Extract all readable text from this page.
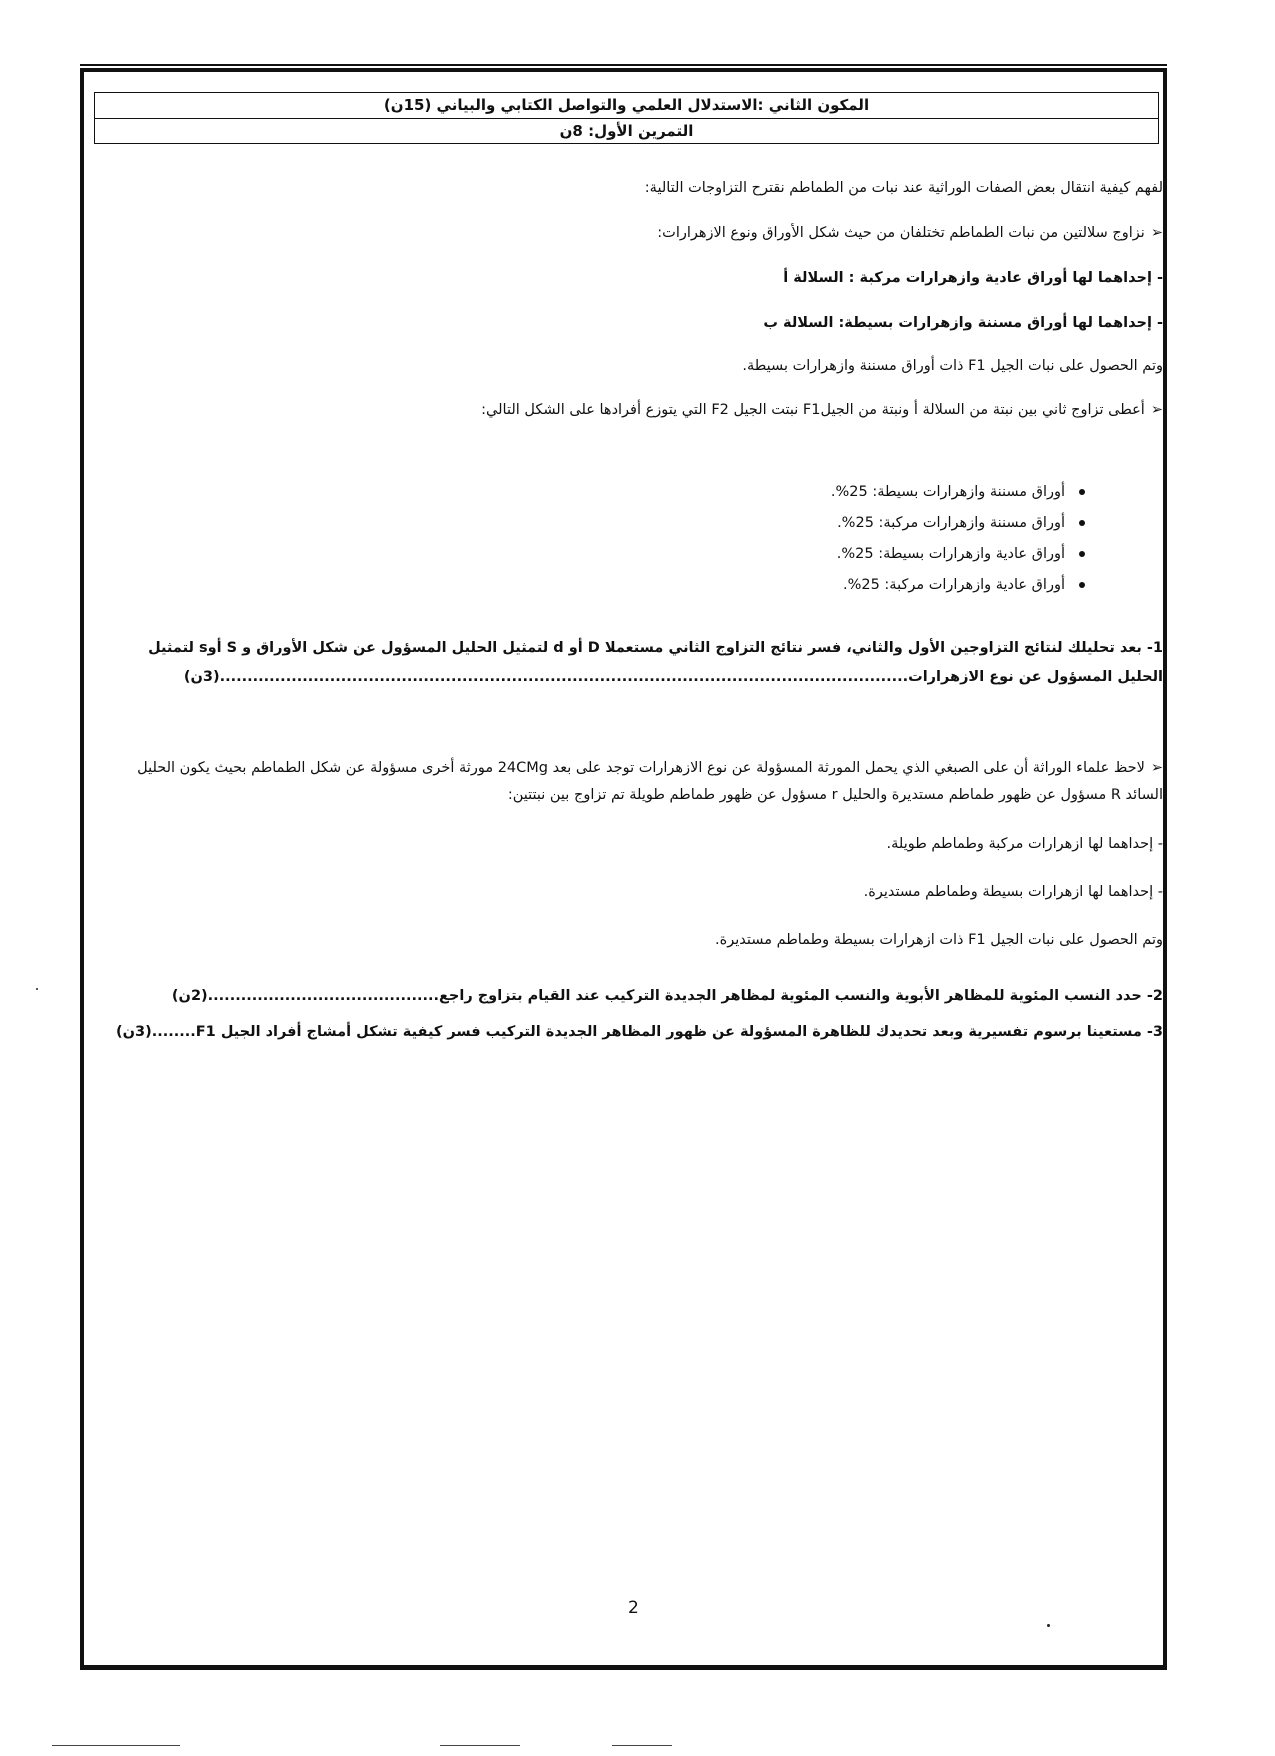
المكون الثاني :الاستدلال العلمي والتواصل الكتابي والبياني (15ن)
التمرين الأول: 8ن
لفهم كيفية انتقال بعض الصفات الوراثية عند نبات من الطماطم نقترح التزاوجات التالية:
➢نزاوج سلالتين من نبات الطماطم تختلفان من حيث شكل الأوراق ونوع الازهرارات:
- إحداهما لها أوراق عادية وازهرارات مركبة : السلالة أ
- إحداهما لها أوراق مسننة وازهرارات بسيطة: السلالة ب
وتم الحصول على نبات الجيل F1 ذات أوراق مسننة وازهرارات بسيطة.
➢أعطى تزاوج ثاني بين نبتة من السلالة أ ونبتة من الجيلF1 نبتت الجيل F2 التي يتوزع أفرادها على الشكل التالي:
أوراق مسننة وازهرارات بسيطة: 25%.
أوراق مسننة وازهرارات مركبة: 25%.
أوراق عادية وازهرارات بسيطة: 25%.
أوراق عادية وازهرارات مركبة: 25%.
1- بعد تحليلك لنتائج التزاوجين الأول والثاني، فسر نتائج التزاوج الثاني مستعملا D أو d لتمثيل الحليل المسؤول عن شكل الأوراق و S أوs لتمثيل الحليل المسؤول عن نوع الازهرارات.............................................................................................................................(3ن)
➢لاحظ علماء الوراثة أن على الصبغي الذي يحمل المورثة المسؤولة عن نوع الازهرارات توجد على بعد 24CMg مورثة أخرى مسؤولة عن شكل الطماطم بحيث يكون الحليل السائد R مسؤول عن ظهور طماطم مستديرة والحليل r مسؤول عن ظهور طماطم طويلة تم تزاوج بين نبتتين:
- إحداهما لها ازهرارات مركبة وطماطم طويلة.
- إحداهما لها ازهرارات بسيطة وطماطم مستديرة.
وتم الحصول على نبات الجيل F1 ذات ازهرارات بسيطة وطماطم مستديرة.
2- حدد النسب المئوية للمظاهر الأبوية والنسب المئوية لمظاهر الجديدة التركيب عند القيام بتزاوج راجع..........................................(2ن)
3- مستعينا برسوم تفسيرية وبعد تحديدك للظاهرة المسؤولة عن ظهور المظاهر الجديدة التركيب فسر كيفية تشكل أمشاج أفراد الجيل F1........(3ن)
2
